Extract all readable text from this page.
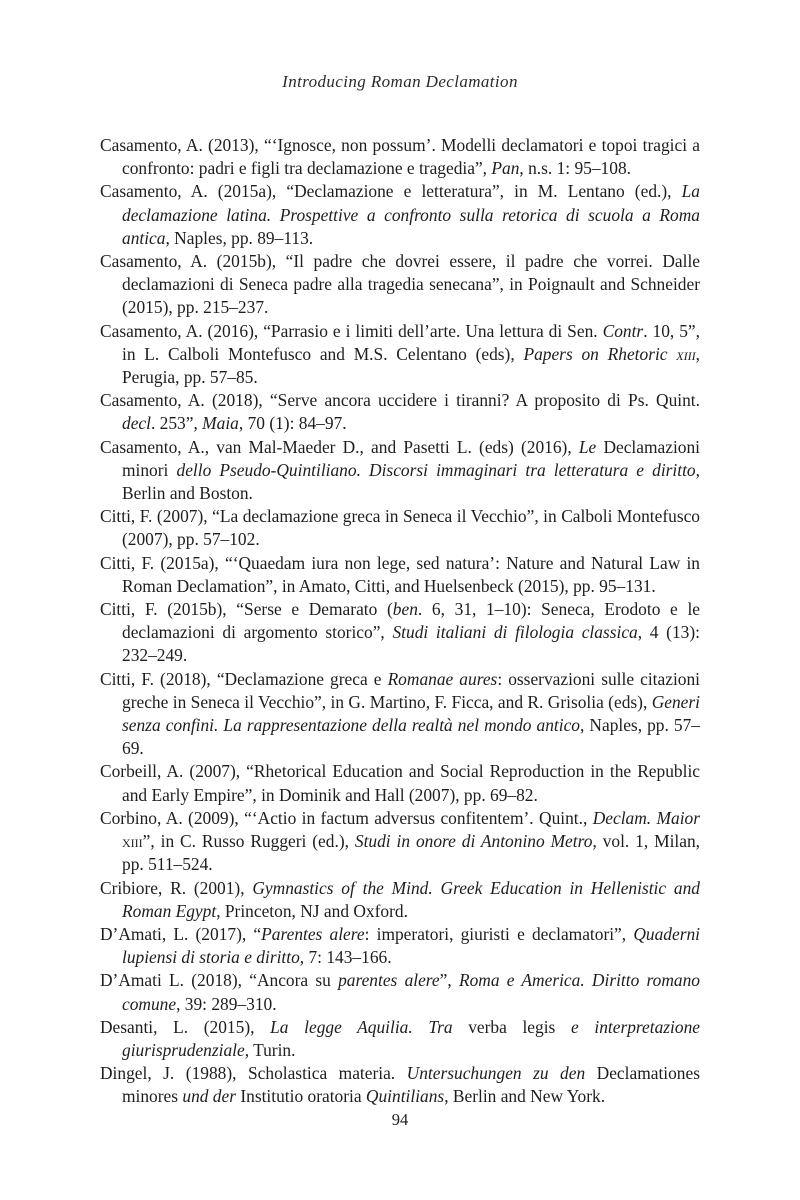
Introducing Roman Declamation
Casamento, A. (2013), “‘Ignosce, non possum’. Modelli declamatori e topoi tragici a confronto: padri e figli tra declamazione e tragedia”, Pan, n.s. 1: 95–108.
Casamento, A. (2015a), “Declamazione e letteratura”, in M. Lentano (ed.), La declamazione latina. Prospettive a confronto sulla retorica di scuola a Roma antica, Naples, pp. 89–113.
Casamento, A. (2015b), “Il padre che dovrei essere, il padre che vorrei. Dalle declamazioni di Seneca padre alla tragedia senecana”, in Poignault and Schneider (2015), pp. 215–237.
Casamento, A. (2016), “Parrasio e i limiti dell’arte. Una lettura di Sen. Contr. 10, 5”, in L. Calboli Montefusco and M.S. Celentano (eds), Papers on Rhetoric xiii, Perugia, pp. 57–85.
Casamento, A. (2018), “Serve ancora uccidere i tiranni? A proposito di Ps. Quint. decl. 253”, Maia, 70 (1): 84–97.
Casamento, A., van Mal-Maeder D., and Pasetti L. (eds) (2016), Le Declamazioni minori dello Pseudo-Quintiliano. Discorsi immaginari tra letteratura e diritto, Berlin and Boston.
Citti, F. (2007), “La declamazione greca in Seneca il Vecchio”, in Calboli Montefusco (2007), pp. 57–102.
Citti, F. (2015a), “‘Quaedam iura non lege, sed natura’: Nature and Natural Law in Roman Declamation”, in Amato, Citti, and Huelsenbeck (2015), pp. 95–131.
Citti, F. (2015b), “Serse e Demarato (ben. 6, 31, 1–10): Seneca, Erodoto e le declamazioni di argomento storico”, Studi italiani di filologia classica, 4 (13): 232–249.
Citti, F. (2018), “Declamazione greca e Romanae aures: osservazioni sulle citazioni greche in Seneca il Vecchio”, in G. Martino, F. Ficca, and R. Grisolia (eds), Generi senza confini. La rappresentazione della realtà nel mondo antico, Naples, pp. 57–69.
Corbeill, A. (2007), “Rhetorical Education and Social Reproduction in the Republic and Early Empire”, in Dominik and Hall (2007), pp. 69–82.
Corbino, A. (2009), “‘Actio in factum adversus confitentem’. Quint., Declam. Maior xiii”, in C. Russo Ruggeri (ed.), Studi in onore di Antonino Metro, vol. 1, Milan, pp. 511–524.
Cribiore, R. (2001), Gymnastics of the Mind. Greek Education in Hellenistic and Roman Egypt, Princeton, NJ and Oxford.
D’Amati, L. (2017), “Parentes alere: imperatori, giuristi e declamatori”, Quaderni lupiensi di storia e diritto, 7: 143–166.
D’Amati L. (2018), “Ancora su parentes alere”, Roma e America. Diritto romano comune, 39: 289–310.
Desanti, L. (2015), La legge Aquilia. Tra verba legis e interpretazione giurisprudenziale, Turin.
Dingel, J. (1988), Scholastica materia. Untersuchungen zu den Declamationes minores und der Institutio oratoria Quintilians, Berlin and New York.
94
